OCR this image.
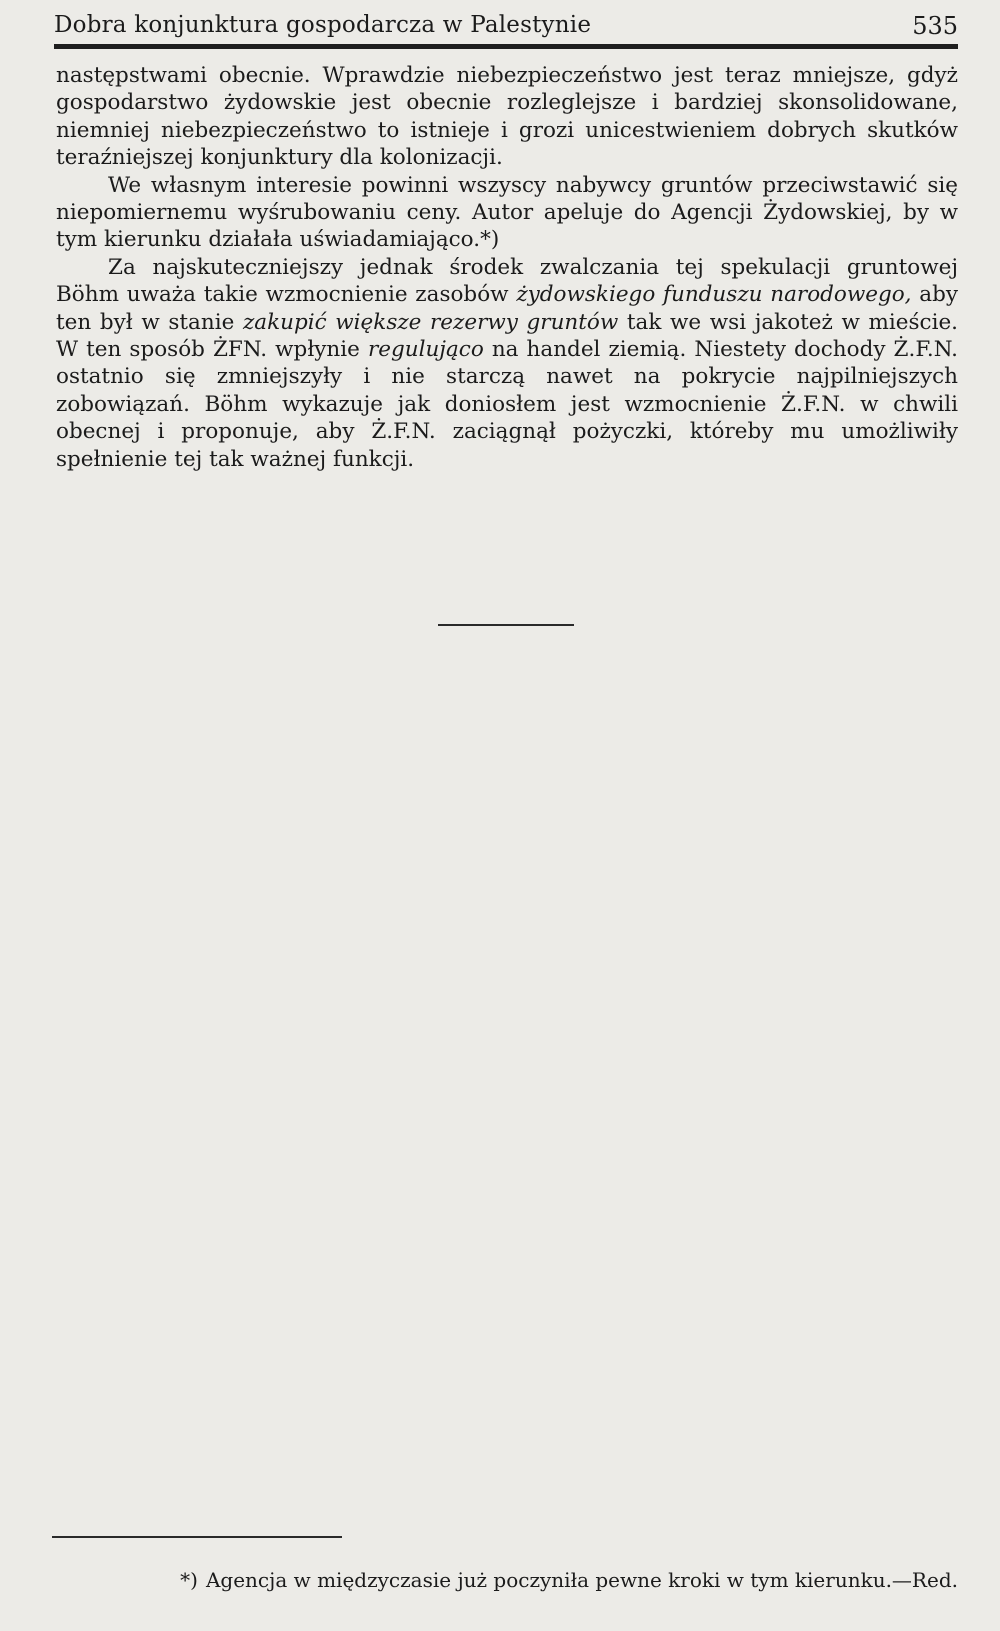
Dobra konjunktura gospodarcza w Palestynie	535

następstwami obecnie. Wprawdzie niebezpieczeństwo jest teraz mniejsze, gdyż gospodarstwo żydowskie jest obecnie rozleglejsze i bardziej skonsolidowane, niemniej niebezpieczeństwo to istnieje i grozi unicestwieniem dobrych skutków teraźniejszej konjunktury dla kolonizacji.

We własnym interesie powinni wszyscy nabywcy gruntów przeciwstawić się niepomiernemu wyśrubowaniu ceny. Autor apeluje do Agencji Żydowskiej, by w tym kierunku działała uświadamiająco.*)

Za najskuteczniejszy jednak środek zwalczania tej spekulacji gruntowej Böhm uważa takie wzmocnienie zasobów żydowskiego funduszu narodowego, aby ten był w stanie zakupić większe rezerwy gruntów tak we wsi jakoteż w mieście. W ten sposób ŻFN. wpłynie regulująco na handel ziemią. Niestety dochody Ż.F.N. ostatnio się zmniejszyły i nie starczą nawet na pokrycie najpilniejszych zobowiązań. Böhm wykazuje jak doniosłem jest wzmocnienie Ż.F.N. w chwili obecnej i proponuje, aby Ż.F.N. zaciągnął pożyczki, któreby mu umożliwiły spełnienie tej tak ważnej funkcji.

*) Agencja w międzyczasie już poczyniła pewne kroki w tym kierunku.—Red.
